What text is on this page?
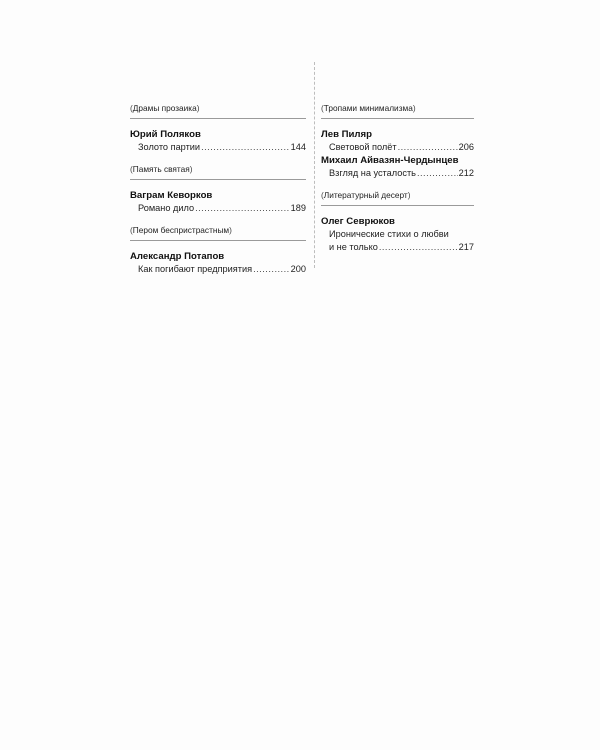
(Драмы прозаика)
Юрий Поляков
Золото партии .....	144
(Память святая)
Ваграм Кеворков
Романо дило .....	189
(Пером беспристрастным)
Александр Потапов
Как погибают предприятия .....	200
(Тропами минимализма)
Лев Пиляр
Световой полёт .....	206
Михаил Айвазян-Чердынцев
Взгляд на усталость .....	212
(Литературный десерт)
Олег Севрюков
Иронические стихи о любви
и не только .....	217
